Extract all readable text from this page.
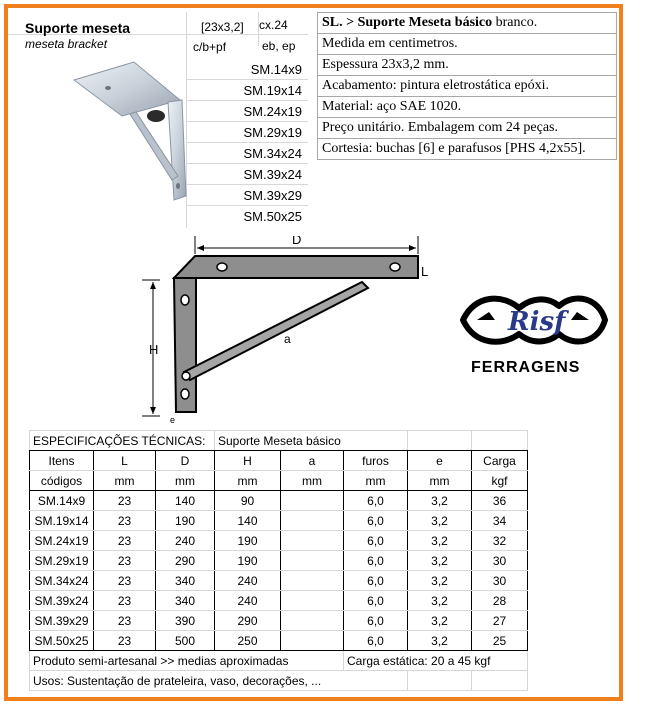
Suporte meseta
meseta bracket
[23x3,2] cx.24
c/b+pf	eb, ep
SM.14x9
SM.19x14
SM.24x19
SM.29x19
SM.34x24
SM.39x24
SM.39x29
SM.50x25
SL. > Suporte Meseta básico branco.
Medida em centimetros.
Espessura 23x3,2 mm.
Acabamento: pintura eletrostática epóxi.
Material: aço SAE 1020.
Preço unitário. Embalagem com 24 peças.
Cortesia: buchas [6] e parafusos [PHS 4,2x55].
D
L
H
a
e
Risf
FERRAGENS
ESPECIFICAÇÕES TÉCNICAS:			Suporte Meseta básico				
Itens	L	D	H	a	furos	e	Carga
códigos	mm	mm	mm	mm	mm	mm	kgf
SM.14x9	23	140	90		6,0	3,2	36
SM.19x14	23	190	140		6,0	3,2	34
SM.24x19	23	240	190		6,0	3,2	32
SM.29x19	23	290	190		6,0	3,2	30
SM.34x24	23	340	240		6,0	3,2	30
SM.39x24	23	340	240		6,0	3,2	28
SM.39x29	23	390	290		6,0	3,2	27
SM.50x25	23	500	250		6,0	3,2	25
Produto semi-artesanal >> medias aproximadas					Carga estática: 20 a 45 kgf		
Usos: Sustentação de prateleira, vaso, decorações, ...							
